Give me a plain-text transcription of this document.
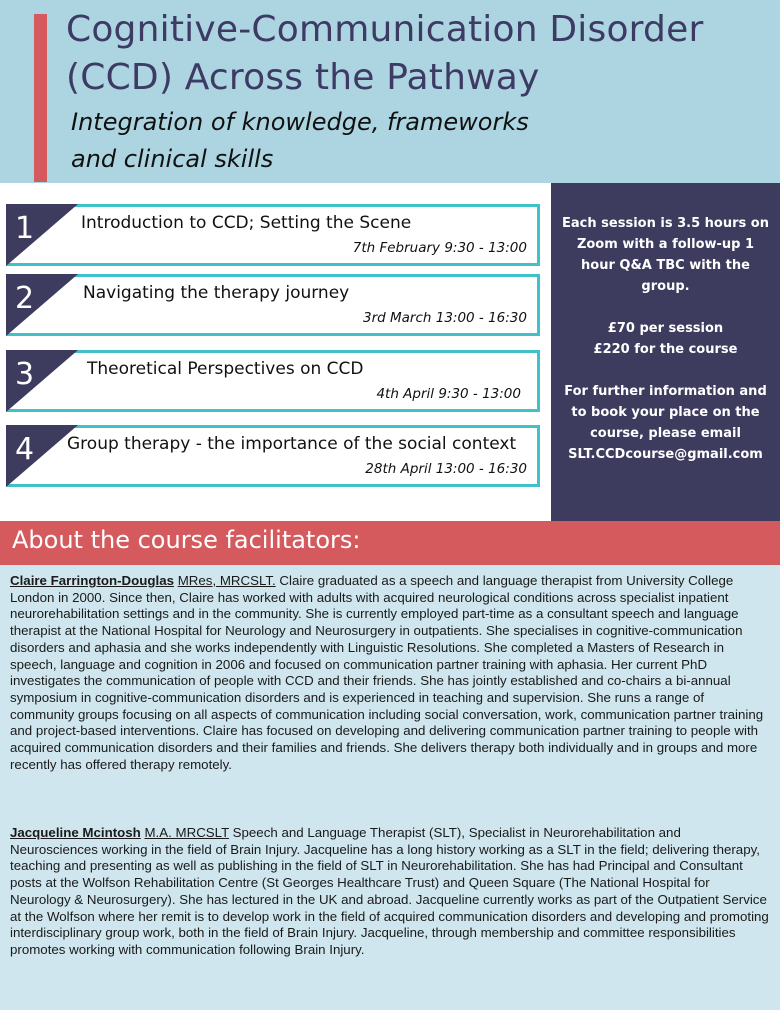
Cognitive-Communication Disorder
(CCD) Across the Pathway
Integration of knowledge, frameworks
and clinical skills
1	Introduction to CCD; Setting the Scene
7th February 9:30 - 13:00
2	Navigating the therapy journey
3rd March 13:00 - 16:30
3	Theoretical Perspectives on CCD
4th April 9:30 - 13:00
4 Group therapy - the importance of the social context
28th April 13:00 - 16:30
Each session is 3.5 hours on Zoom with a follow-up 1 hour Q&A TBC with the group.
£70 per session
£220 for the course
For further information and to book your place on the course, please email
SLT.CCDcourse@gmail.com
About the course facilitators:
Claire Farrington-Douglas MRes, MRCSLT. Claire graduated as a speech and language therapist from University College London in 2000. Since then, Claire has worked with adults with acquired neurological conditions across specialist inpatient neurorehabilitation settings and in the community. She is currently employed part-time as a consultant speech and language therapist at the National Hospital for Neurology and Neurosurgery in outpatients. She specialises in cognitive-communication disorders and aphasia and she works independently with Linguistic Resolutions. She completed a Masters of Research in speech, language and cognition in 2006 and focused on communication partner training with aphasia. Her current PhD investigates the communication of people with CCD and their friends. She has jointly established and co-chairs a bi-annual symposium in cognitive-communication disorders and is experienced in teaching and supervision. She runs a range of community groups focusing on all aspects of communication including social conversation, work, communication partner training and project-based interventions. Claire has focused on developing and delivering communication partner training to people with acquired communication disorders and their families and friends. She delivers therapy both individually and in groups and more recently has offered therapy remotely.
Jacqueline Mcintosh M.A. MRCSLT Speech and Language Therapist (SLT), Specialist in Neurorehabilitation and Neurosciences working in the field of Brain Injury. Jacqueline has a long history working as a SLT in the field; delivering therapy, teaching and presenting as well as publishing in the field of SLT in Neurorehabilitation. She has had Principal and Consultant posts at the Wolfson Rehabilitation Centre (St Georges Healthcare Trust) and Queen Square (The National Hospital for Neurology & Neurosurgery). She has lectured in the UK and abroad. Jacqueline currently works as part of the Outpatient Service at the Wolfson where her remit is to develop work in the field of acquired communication disorders and developing and promoting interdisciplinary group work, both in the field of Brain Injury. Jacqueline, through membership and committee responsibilities promotes working with communication following Brain Injury.
